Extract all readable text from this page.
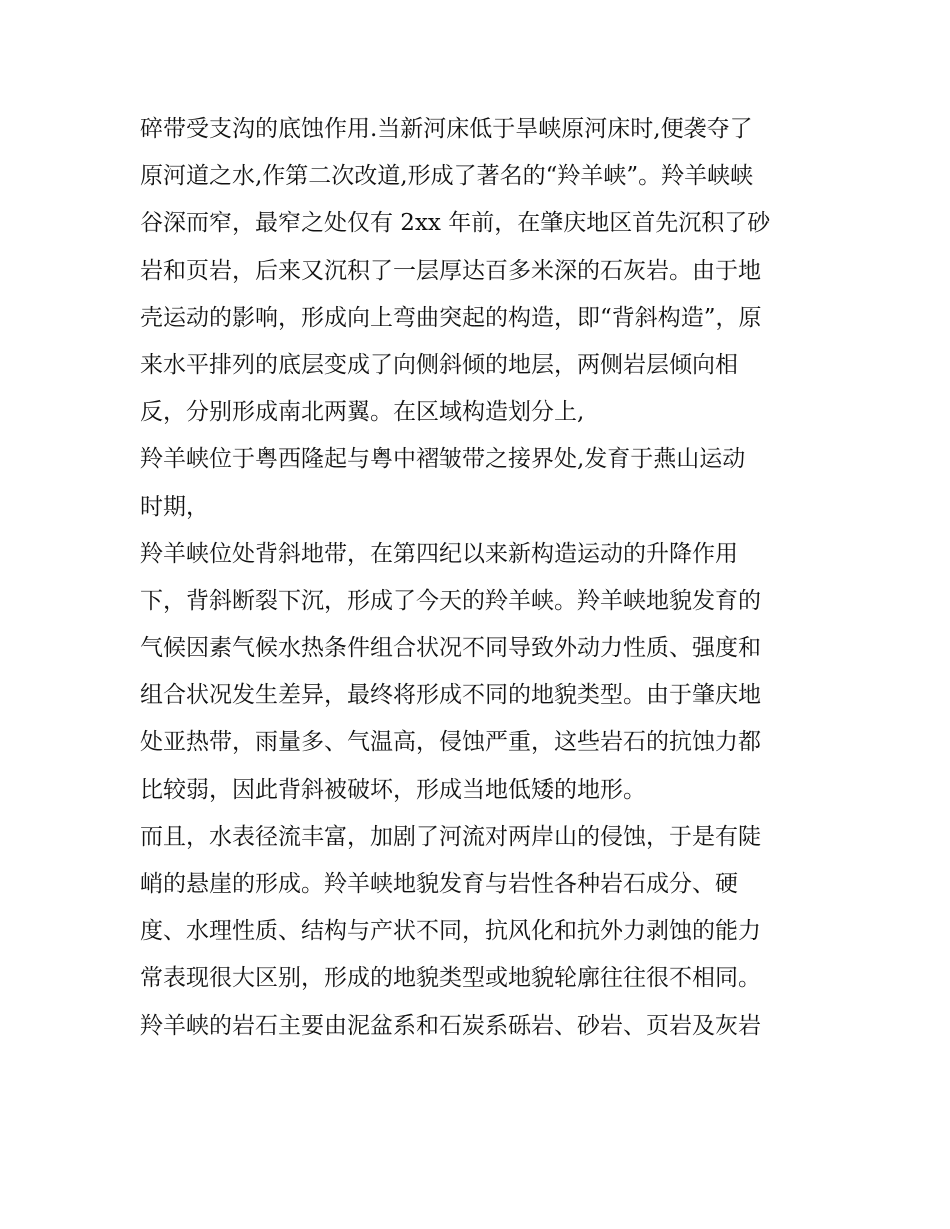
碎带受支沟的底蚀作用.当新河床低于旱峡原河床时,便袭夺了
原河道之水,作第二次改道,形成了著名的“羚羊峡”。羚羊峡峡
谷深而窄，最窄之处仅有 2xx 年前，在肇庆地区首先沉积了砂
岩和页岩，后来又沉积了一层厚达百多米深的石灰岩。由于地
壳运动的影响，形成向上弯曲突起的构造，即“背斜构造”，原
来水平排列的底层变成了向侧斜倾的地层，两侧岩层倾向相
反，分别形成南北两翼。在区域构造划分上,
羚羊峡位于粤西隆起与粤中褶皱带之接界处,发育于燕山运动
时期，
羚羊峡位处背斜地带，在第四纪以来新构造运动的升降作用
下，背斜断裂下沉，形成了今天的羚羊峡。羚羊峡地貌发育的
气候因素气候水热条件组合状况不同导致外动力性质、强度和
组合状况发生差异，最终将形成不同的地貌类型。由于肇庆地
处亚热带，雨量多、气温高，侵蚀严重，这些岩石的抗蚀力都
比较弱，因此背斜被破坏，形成当地低矮的地形。
而且，水表径流丰富，加剧了河流对两岸山的侵蚀，于是有陡
峭的悬崖的形成。羚羊峡地貌发育与岩性各种岩石成分、硬
度、水理性质、结构与产状不同，抗风化和抗外力剥蚀的能力
常表现很大区别，形成的地貌类型或地貌轮廓往往很不相同。
羚羊峡的岩石主要由泥盆系和石炭系砾岩、砂岩、页岩及灰岩
